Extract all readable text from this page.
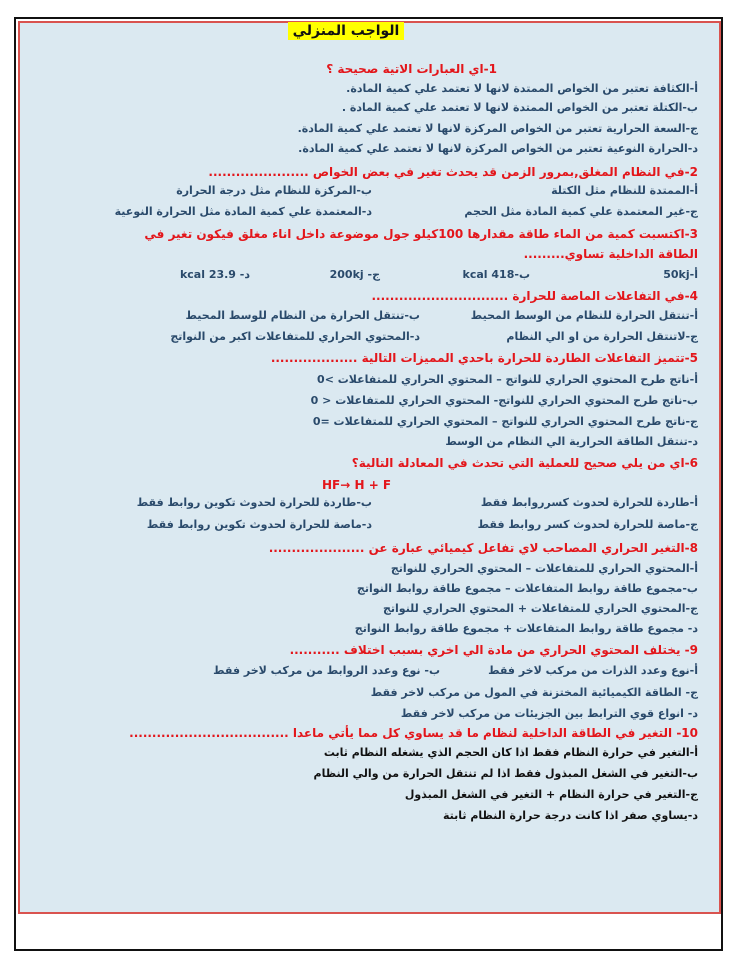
الواجب المنزلي
1-اي العبارات الاتية صحيحة ؟
أ-الكثافة تعتبر من الخواص الممتدة لانها لا تعتمد علي كمية المادة.
ب-الكتلة تعتبر من الخواص الممتدة لانها لا تعتمد علي كمية المادة .
ج-السعة الحرارية تعتبر من الخواص المركزة لانها لا تعتمد علي كمية المادة.
د-الحرارة النوعية تعتبر من الخواص المركزة لانها لا تعتمد علي كمية المادة.
2-في النظام المغلق,بمرور الزمن قد يحدث تغير في بعض الخواص ......................
أ-الممتدة للنظام مثل الكتلة
ب-المركزة للنظام مثل درجة الحرارة
ج-غير المعتمدة علي كمية المادة مثل الحجم
د-المعتمدة علي كمية المادة مثل الحرارة النوعية
3-اكتسبت كمية من الماء طاقة مقدارها 100كيلو جول موضوعة داخل اناء مغلق فيكون تغير في
الطاقة الداخلية تساوي.........
أ-50kj
ب-418 kcal
ج- 200kj
د- 23.9 kcal
4-في التفاعلات الماصة للحرارة ..............................
أ-تنتقل الحرارة للنظام من الوسط المحيط
ب-تنتقل الحرارة من النظام للوسط المحيط
ج-لاتنتقل الحرارة من او الي النظام
د-المحتوي الحراري للمتفاعلات اكبر من النواتج
5-تتميز التفاعلات الطاردة للحرارة باحدي المميزات التالية ...................
أ-ناتج طرح المحتوي الحراري للنواتج – المحتوي الحراري للمتفاعلات >0
ب-ناتج طرح المحتوي الحراري للنواتج- المحتوي الحراري للمتفاعلات < 0
ج-ناتج طرح المحتوي الحراري للنواتج – المحتوي الحراري للمتفاعلات =0
د-تنتقل الطاقة الحرارية الي النظام من الوسط
6-اي من يلي صحيح للعملية التي تحدث في المعادلة التالية؟
HF→ H + F
أ-طاردة للحرارة لحدوث كسرروابط فقط
ب-طاردة للحرارة لحدوث تكوين روابط فقط
ج-ماصة للحرارة لحدوث كسر روابط فقط
د-ماصة للحرارة لحدوث تكوين روابط فقط
8-التغير الحراري المصاحب لاي تفاعل كيميائي عبارة عن .....................
أ-المحتوي الحراري للمتفاعلات – المحتوي الحراري للنواتج
ب-مجموع طاقة روابط المتفاعلات – مجموع طاقة روابط النواتج
ج-المحتوي الحراري للمتفاعلات + المحتوي الحراري للنواتج
د- مجموع طاقة روابط المتفاعلات + مجموع طاقة روابط النواتج
9- يختلف المحتوي الحراري من مادة الي اخري بسبب اختلاف ...........
أ-نوع وعدد الذرات من مركب لاخر فقط
ب- نوع وعدد الروابط من مركب لاخر فقط
ج- الطاقة الكيميائية المختزنة في المول من مركب لاخر فقط
د- انواع قوي الترابط بين الجزيئات من مركب لاخر فقط
10- التغير في الطاقة الداخلية لنظام ما قد يساوي كل مما يأتي ماعدا ...................................
أ-التغير في حرارة النظام فقط اذا كان الحجم الذي يشغله النظام ثابت
ب-التغير في الشغل المبذول فقط اذا لم تنتقل الحرارة من والي النظام
ج-التغير في حرارة النظام + التغير في الشغل المبذول
د-يساوي صفر اذا كانت درجة حرارة النظام ثابتة
